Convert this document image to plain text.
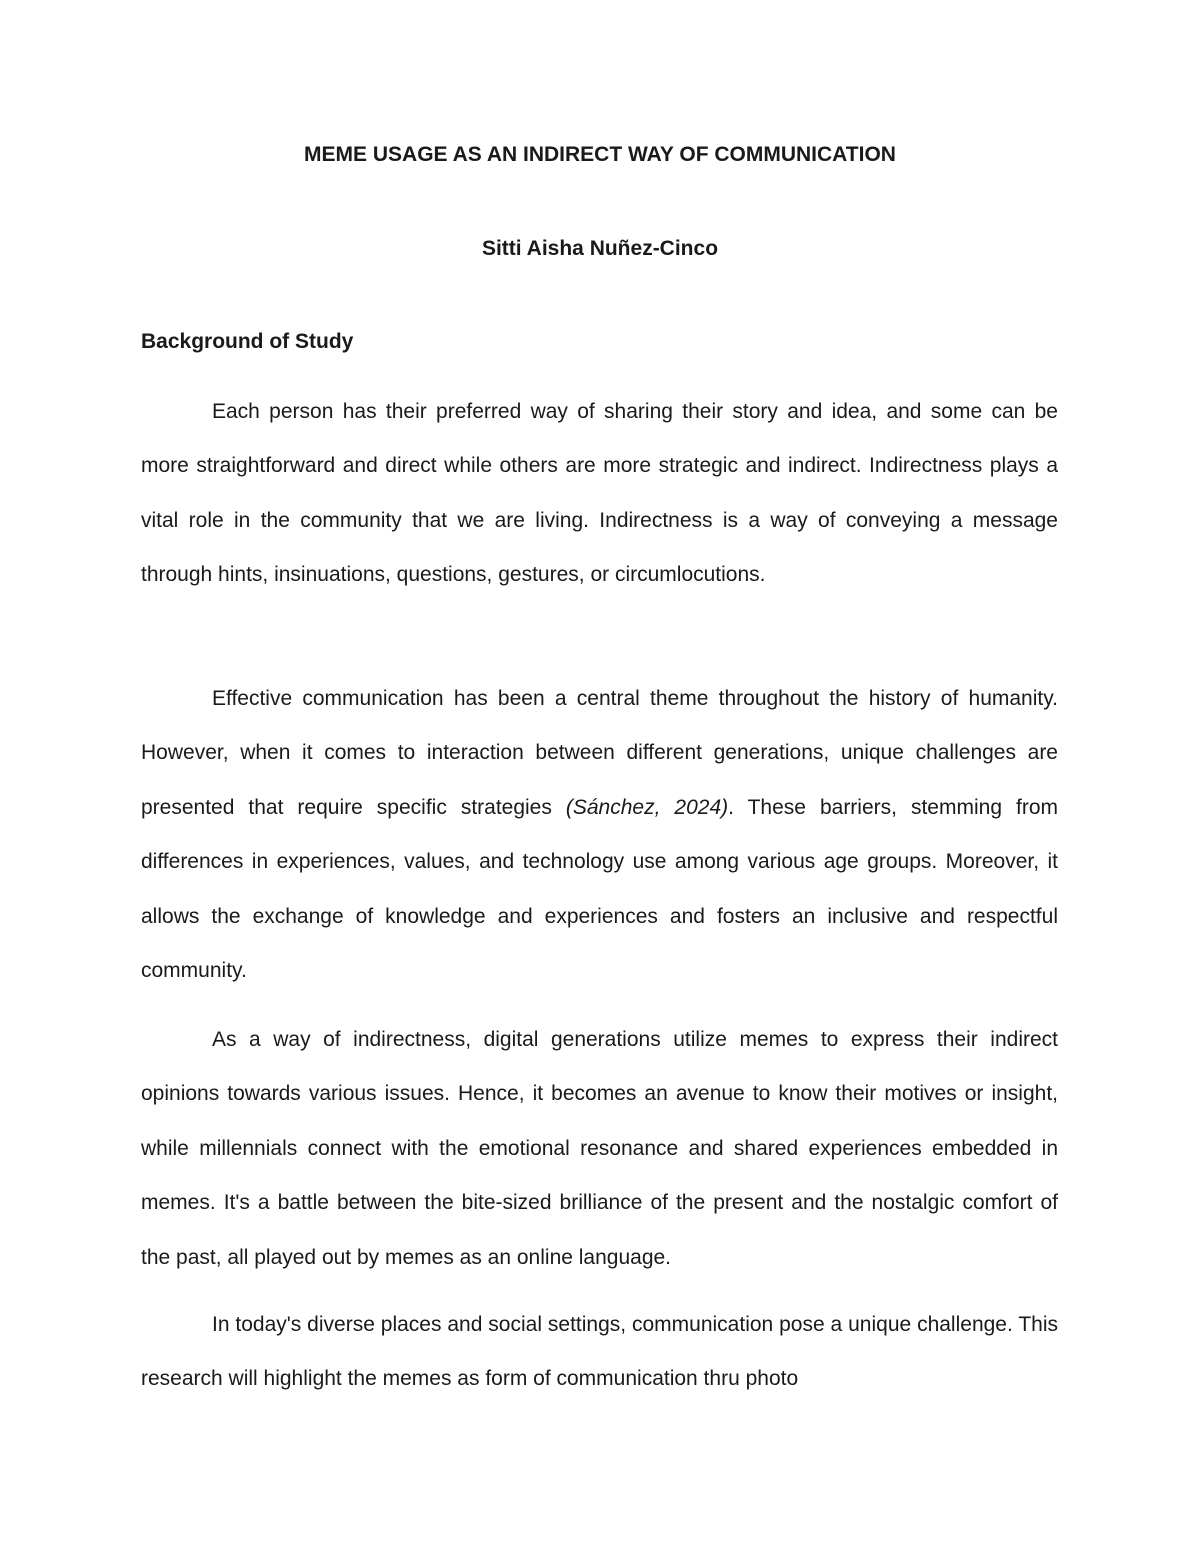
MEME USAGE AS AN INDIRECT WAY OF COMMUNICATION
Sitti Aisha Nuñez-Cinco
Background of Study

Each person has their preferred way of sharing their story and idea, and some can be more straightforward and direct while others are more strategic and indirect. Indirectness plays a vital role in the community that we are living. Indirectness is a way of conveying a message through hints, insinuations, questions, gestures, or circumlocutions.

Effective communication has been a central theme throughout the history of humanity. However, when it comes to interaction between different generations, unique challenges are presented that require specific strategies (Sánchez, 2024). These barriers, stemming from differences in experiences, values, and technology use among various age groups. Moreover, it allows the exchange of knowledge and experiences and fosters an inclusive and respectful community.

As a way of indirectness, digital generations utilize memes to express their indirect opinions towards various issues. Hence, it becomes an avenue to know their motives or insight, while millennials connect with the emotional resonance and shared experiences embedded in memes. It's a battle between the bite-sized brilliance of the present and the nostalgic comfort of the past, all played out by memes as an online language.

In today's diverse places and social settings, communication pose a unique challenge. This research will highlight the memes as form of communication thru photo
